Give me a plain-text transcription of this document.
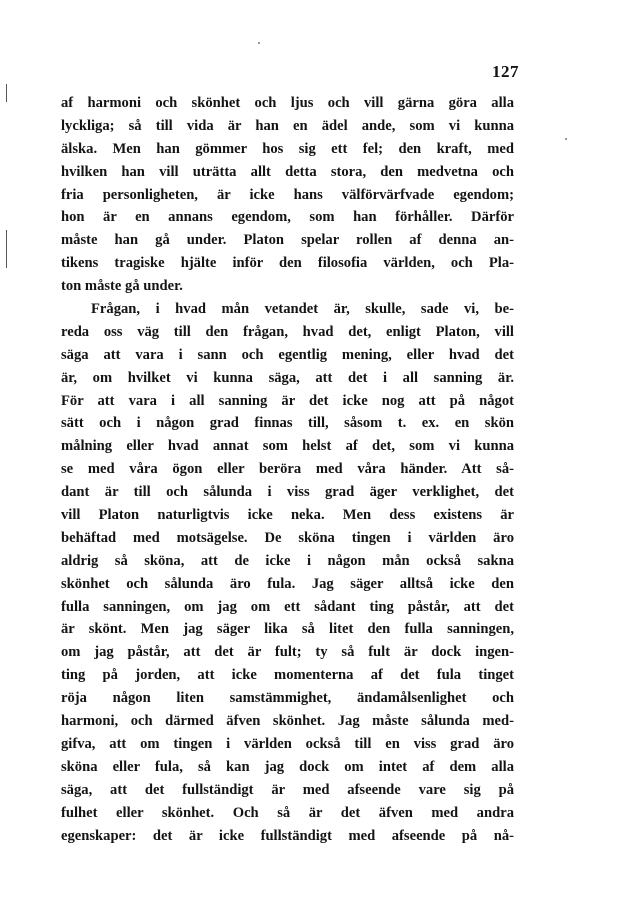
127
af harmoni och skönhet och ljus och vill gärna göra alla
lyckliga; så till vida är han en ädel ande, som vi kunna
älska. Men han gömmer hos sig ett fel; den kraft, med
hvilken han vill uträtta allt detta stora, den medvetna och
fria personligheten, är icke hans välförvärfvade egendom;
hon är en annans egendom, som han förhåller. Därför
måste han gå under. Platon spelar rollen af denna an-
tikens tragiske hjälte inför den filosofia världen, och Pla-
ton måste gå under.
Frågan, i hvad mån vetandet är, skulle, sade vi, be-
reda oss väg till den frågan, hvad det, enligt Platon, vill
säga att vara i sann och egentlig mening, eller hvad det
är, om hvilket vi kunna säga, att det i all sanning är.
För att vara i all sanning är det icke nog att på något
sätt och i någon grad finnas till, såsom t. ex. en skön
målning eller hvad annat som helst af det, som vi kunna
se med våra ögon eller beröra med våra händer. Att så-
dant är till och sålunda i viss grad äger verklighet, det
vill Platon naturligtvis icke neka. Men dess existens är
behäftad med motsägelse. De sköna tingen i världen äro
aldrig så sköna, att de icke i någon mån också sakna
skönhet och sålunda äro fula. Jag säger alltså icke den
fulla sanningen, om jag om ett sådant ting påstår, att det
är skönt. Men jag säger lika så litet den fulla sanningen,
om jag påstår, att det är fult; ty så fult är dock ingen-
ting på jorden, att icke momenterna af det fula tinget
röja någon liten samstämmighet, ändamålsenlighet och
harmoni, och därmed äfven skönhet. Jag måste sålunda med-
gifva, att om tingen i världen också till en viss grad äro
sköna eller fula, så kan jag dock om intet af dem alla
säga, att det fullständigt är med afseende vare sig på
fulhet eller skönhet. Och så är det äfven med andra
egenskaper: det är icke fullständigt med afseende på nå-
